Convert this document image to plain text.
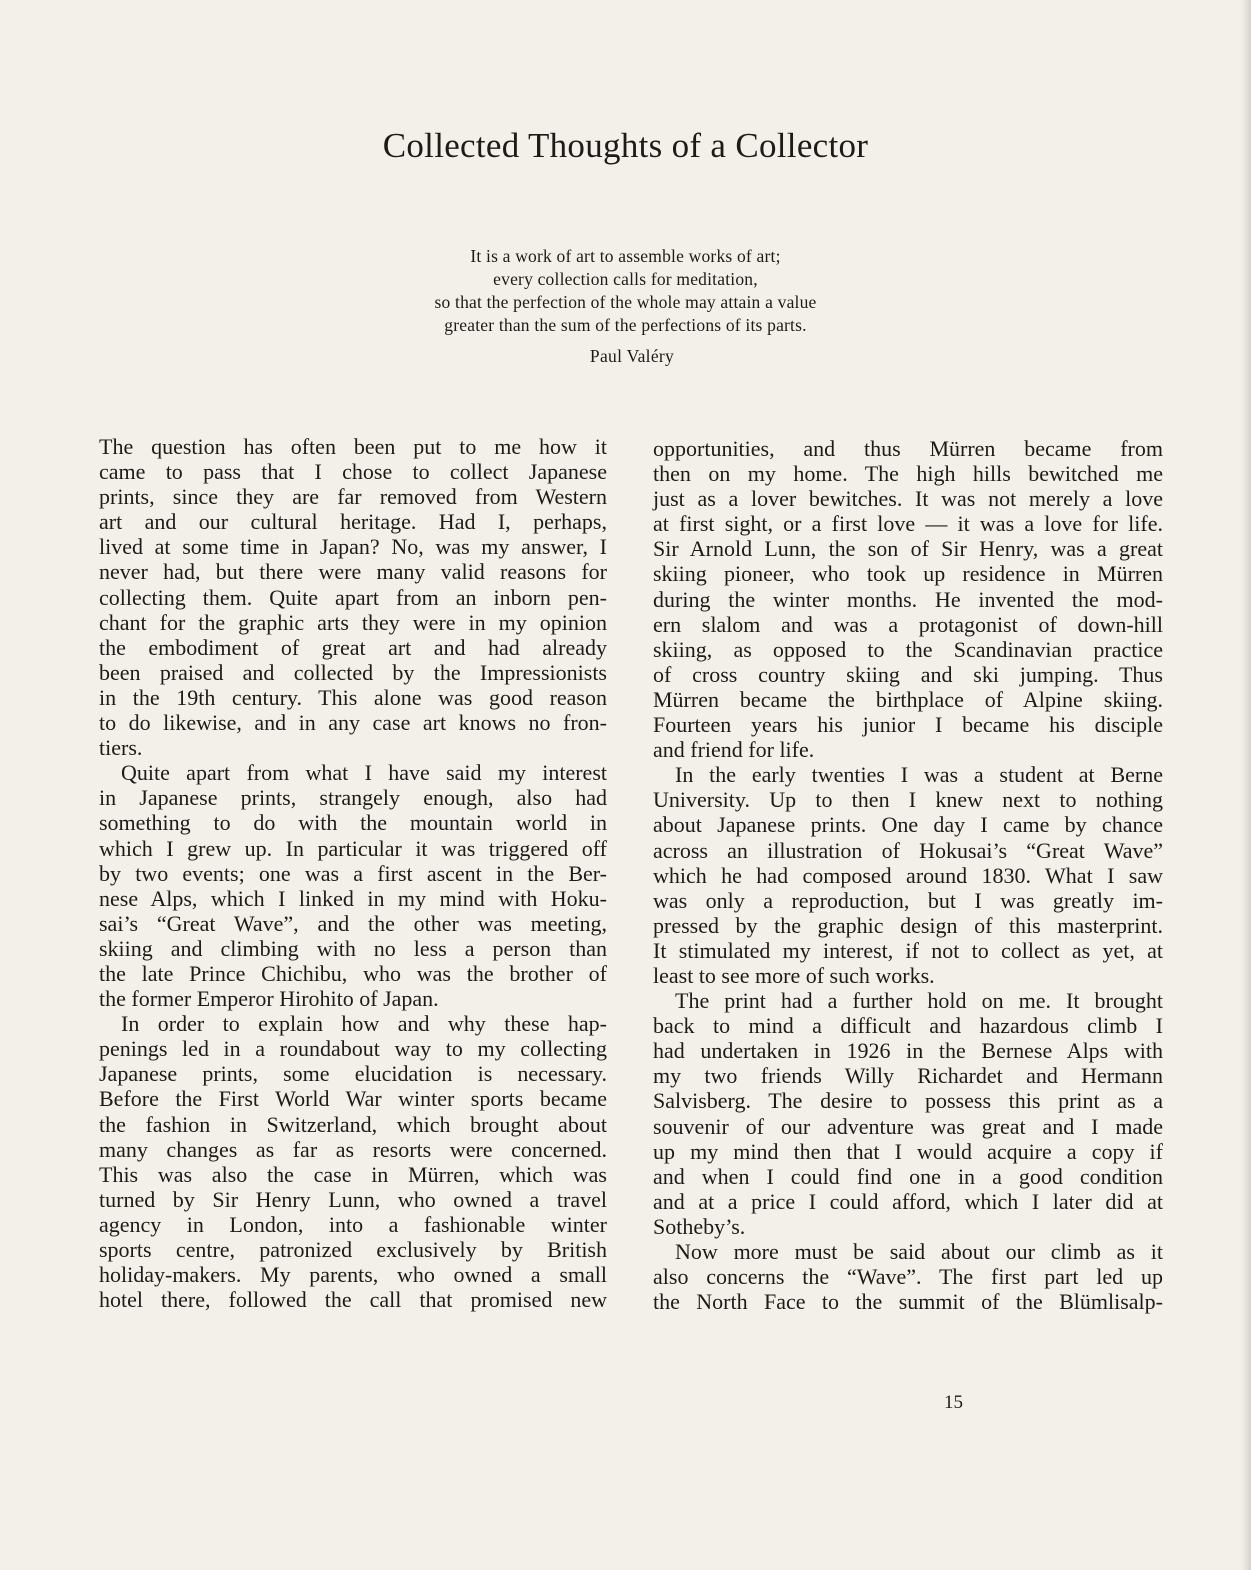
Collected Thoughts of a Collector
It is a work of art to assemble works of art;
every collection calls for meditation,
so that the perfection of the whole may attain a value
greater than the sum of the perfections of its parts.
Paul Valéry
The question has often been put to me how it
came to pass that I chose to collect Japanese
prints, since they are far removed from Western
art and our cultural heritage. Had I, perhaps,
lived at some time in Japan? No, was my answer, I
never had, but there were many valid reasons for
collecting them. Quite apart from an inborn pen-
chant for the graphic arts they were in my opinion
the embodiment of great art and had already
been praised and collected by the Impressionists
in the 19th century. This alone was good reason
to do likewise, and in any case art knows no fron-
tiers.
Quite apart from what I have said my interest
in Japanese prints, strangely enough, also had
something to do with the mountain world in
which I grew up. In particular it was triggered off
by two events; one was a first ascent in the Ber-
nese Alps, which I linked in my mind with Hoku-
sai’s “Great Wave”, and the other was meeting,
skiing and climbing with no less a person than
the late Prince Chichibu, who was the brother of
the former Emperor Hirohito of Japan.
In order to explain how and why these hap-
penings led in a roundabout way to my collecting
Japanese prints, some elucidation is necessary.
Before the First World War winter sports became
the fashion in Switzerland, which brought about
many changes as far as resorts were concerned.
This was also the case in Mürren, which was
turned by Sir Henry Lunn, who owned a travel
agency in London, into a fashionable winter
sports centre, patronized exclusively by British
holiday-makers. My parents, who owned a small
hotel there, followed the call that promised new
opportunities, and thus Mürren became from
then on my home. The high hills bewitched me
just as a lover bewitches. It was not merely a love
at first sight, or a first love — it was a love for life.
Sir Arnold Lunn, the son of Sir Henry, was a great
skiing pioneer, who took up residence in Mürren
during the winter months. He invented the mod-
ern slalom and was a protagonist of down-hill
skiing, as opposed to the Scandinavian practice
of cross country skiing and ski jumping. Thus
Mürren became the birthplace of Alpine skiing.
Fourteen years his junior I became his disciple
and friend for life.
In the early twenties I was a student at Berne
University. Up to then I knew next to nothing
about Japanese prints. One day I came by chance
across an illustration of Hokusai’s “Great Wave”
which he had composed around 1830. What I saw
was only a reproduction, but I was greatly im-
pressed by the graphic design of this masterprint.
It stimulated my interest, if not to collect as yet, at
least to see more of such works.
The print had a further hold on me. It brought
back to mind a difficult and hazardous climb I
had undertaken in 1926 in the Bernese Alps with
my two friends Willy Richardet and Hermann
Salvisberg. The desire to possess this print as a
souvenir of our adventure was great and I made
up my mind then that I would acquire a copy if
and when I could find one in a good condition
and at a price I could afford, which I later did at
Sotheby’s.
Now more must be said about our climb as it
also concerns the “Wave”. The first part led up
the North Face to the summit of the Blümlisalp-
15
